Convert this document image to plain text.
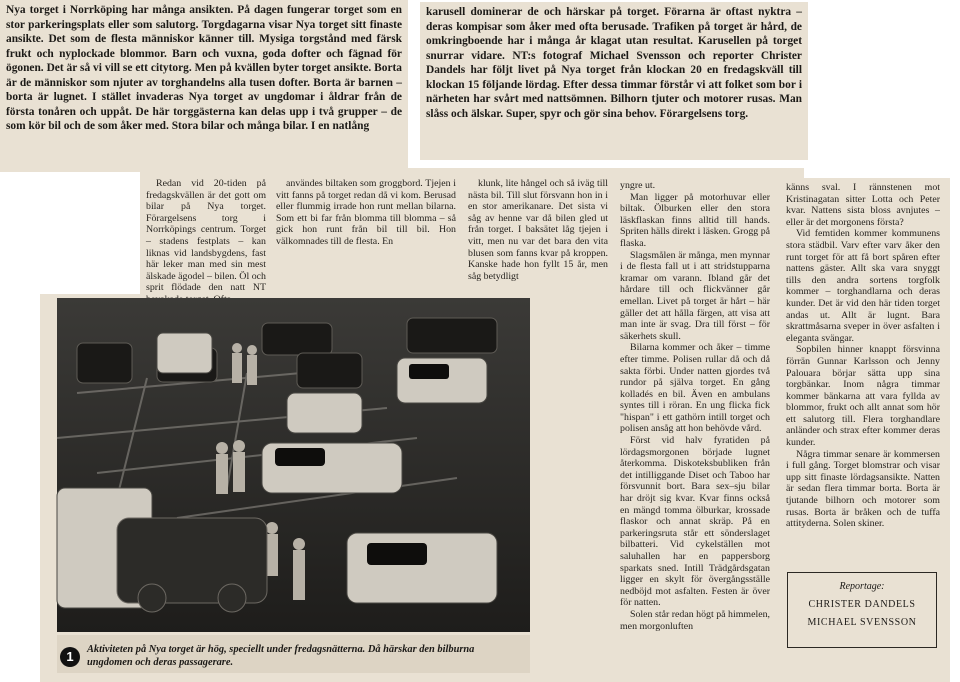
Nya torget i Norrköping har många ansikten. På dagen fungerar torget som en stor parkeringsplats eller som salutorg. Torgdagarna visar Nya torget sitt finaste ansikte. Det som de flesta människor känner till. Mysiga torgstånd med färsk frukt och nyplockade blommor. Barn och vuxna, goda dofter och fägnad för ögonen. Det är så vi vill se ett citytorg. Men på kvällen byter torget ansikte. Borta är de människor som njuter av torghandelns alla tusen dofter. Borta är barnen – borta är lugnet. I stället invaderas Nya torget av ungdomar i åldrar från de första tonåren och uppåt. De här torggästerna kan delas upp i två grupper – de som kör bil och de som åker med. Stora bilar och många bilar. I en natlång

karusell dominerar de och härskar på torget. Förarna är oftast nyktra – deras kompisar som åker med ofta berusade. Trafiken på torget är hård, de omkringboende har i många år klagat utan resultat. Karusellen på torget snurrar vidare. NT:s fotograf Michael Svensson och reporter Christer Dandels har följt livet på Nya torget från klockan 20 en fredagskväll till klockan 15 följande lördag. Efter dessa timmar förstår vi att folket som bor i närheten har svårt med nattsömnen. Bilhorn tjuter och motorer rusas. Man slåss och älskar. Super, spyr och gör sina behov. Förargelsens torg.

Redan vid 20-tiden på fredagskvällen är det gott om bilar på Nya torget. Förargelsens torg i Norrköpings centrum. Torget – stadens festplats – kan liknas vid landsbygdens, fast här leker man med sin mest älskade ägodel – bilen. Öl och sprit flödade den natt NT

användes biltaken som groggbord. Tjejen i vitt fanns på torget redan då vi kom. Berusad eller flummig irrade hon runt mellan bilarna. Som ett bi far från blomma till blomma – så gick hon runt från bil till bil. Hon välkomnades till de flesta. En

klunk, lite hångel och så iväg till nästa bil. Till slut försvann hon in i en stor amerikanare. Det sista vi såg av henne var då bilen gled ut från torget. I baksätet låg tjejen i vitt, men nu var det bara den vita blusen som fanns kvar på kroppen. Kanske hade hon fyllt 15 år, men såg betydligt

yngre ut.

Man ligger på motorhuvar eller biltak. Ölburken eller den stora läskflaskan finns alltid till hands. Spriten hälls direkt i läsken. Grogg på flaska.

Slagsmålen är många, men mynnar i de flesta fall ut i att stridstupparna kramar om varann. Ibland går det hårdare till och flickvänner går emellan. Livet på torget är hårt – här gäller det att hålla färgen, att visa att man inte är svag. Dra till först – för säkerhets skull.

Bilarna kommer och åker – timme efter timme. Polisen rullar då och då sakta förbi. Under natten gjordes två rundor på själva torget. En gång kolladés en bil. Även en ambulans syntes till i röran. En ung flicka fick "hispan" i ett gathörn intill torget och polisen ansåg att hon behövde vård.

Först vid halv fyratiden på lördagsmorgonen började lugnet återkomma. Diskoteksbubliken från det intilliggande Diset och Taboo har försvunnit bort. Bara sex–sju bilar har dröjt sig kvar. Kvar finns också en mängd tomma ölburkar, krossade flaskor och annat skräp. På en parkeringsruta står ett sönderslaget bilbatteri. Vid cykelställen mot saluhallen har en pappersborg sparkats sned. Intill Trädgårdsgatan ligger en skylt för övergångsställe nedböjd mot asfalten. Festen är över för natten.

Solen står redan högt på himmelen, men morgonluften

känns sval. I rännstenen mot Kristinagatan sitter Lotta och Peter kvar. Nattens sista bloss avnjutes – eller är det morgonens första?

Vid femtiden kommer kommunens stora städbil. Varv efter varv åker den runt torget för att få bort spåren efter nattens gäster. Allt ska vara snyggt tills den andra sortens torgfolk kommer – torghandlarna och deras kunder. Det är vid den här tiden torget andas ut. Allt är lugnt. Bara skrattmåsarna sveper in över asfalten i eleganta svängar.

Sopbilen hinner knappt försvinna förrän Gunnar Karlsson och Jenny Palouara börjar sätta upp sina torgbänkar. Inom några timmar kommer bänkarna att vara fyllda av blommor, frukt och allt annat som hör ett salutorg till. Flera torghandlare anländer och strax efter kommer deras kunder.

Några timmar senare är kommersen i full gång. Torget blomstrar och visar upp sitt finaste lördagsansikte. Natten är sedan flera timmar borta. Borta är tjutande bilhorn och motorer som rusas. Borta är bråken och de tuffa attityderna. Solen skiner.

1	Aktiviteten på Nya torget är hög, speciellt under fredagsnätterna. Då härskar den bilburna ungdomen och deras passagerare.

Reportage:
CHRISTER DANDELS
MICHAEL SVENSSON
